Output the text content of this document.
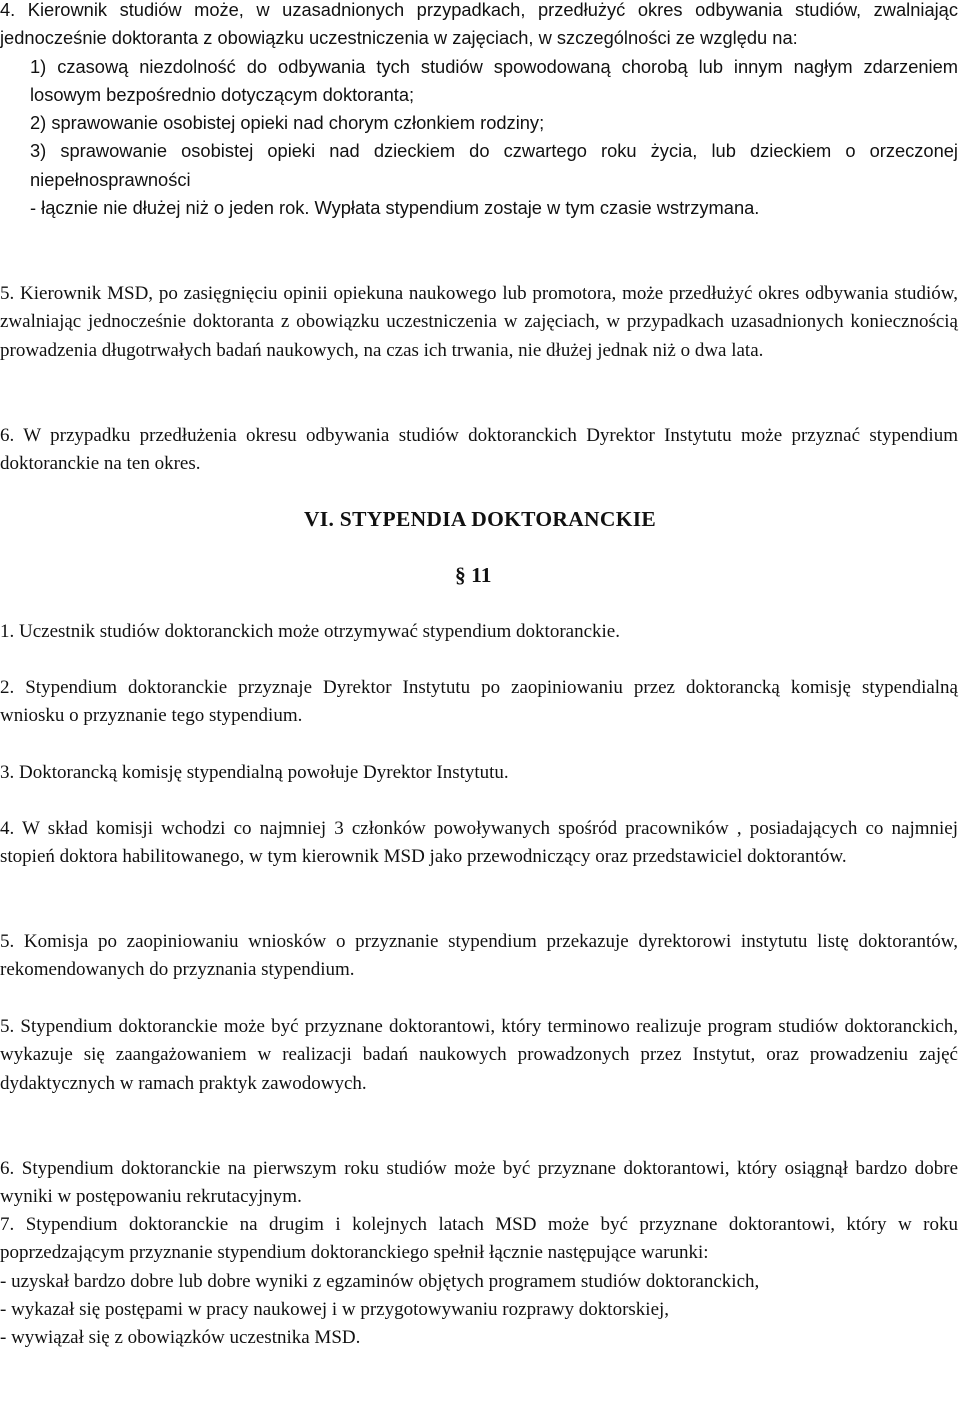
4. Kierownik studiów może, w uzasadnionych przypadkach, przedłużyć okres odbywania studiów, zwalniając jednocześnie doktoranta z obowiązku uczestniczenia w zajęciach, w szczególności ze względu na:

1) czasową niezdolność do odbywania tych studiów spowodowaną chorobą lub innym nagłym zdarzeniem losowym bezpośrednio dotyczącym doktoranta;

2) sprawowanie osobistej opieki nad chorym członkiem rodziny;

3) sprawowanie osobistej opieki nad dzieckiem do czwartego roku życia, lub dzieckiem o orzeczonej niepełnosprawności

- łącznie nie dłużej niż o jeden rok. Wypłata stypendium zostaje w tym czasie wstrzymana.

5. Kierownik MSD, po zasięgnięciu opinii opiekuna naukowego lub promotora, może przedłużyć okres odbywania studiów, zwalniając jednocześnie doktoranta z obowiązku uczestniczenia w zajęciach, w przypadkach uzasadnionych koniecznością prowadzenia długotrwałych badań naukowych, na czas ich trwania, nie dłużej jednak niż o dwa lata.

6. W przypadku przedłużenia okresu odbywania studiów doktoranckich Dyrektor Instytutu może przyznać stypendium doktoranckie na ten okres.

VI. STYPENDIA DOKTORANCKIE
§ 11

1. Uczestnik studiów doktoranckich może otrzymywać stypendium doktoranckie.

2. Stypendium doktoranckie przyznaje Dyrektor Instytutu po zaopiniowaniu przez doktorancką komisję stypendialną wniosku o przyznanie tego stypendium.

3. Doktorancką komisję stypendialną powołuje Dyrektor Instytutu.

4. W skład komisji wchodzi co najmniej 3 członków powoływanych spośród pracowników , posiadających co najmniej stopień doktora habilitowanego, w tym kierownik MSD jako przewodniczący oraz przedstawiciel doktorantów.

5. Komisja po zaopiniowaniu wniosków o przyznanie stypendium przekazuje dyrektorowi instytutu listę doktorantów, rekomendowanych do przyznania stypendium.

5. Stypendium doktoranckie może być przyznane doktorantowi, który terminowo realizuje program studiów doktoranckich, wykazuje się zaangażowaniem w realizacji badań naukowych prowadzonych przez Instytut, oraz prowadzeniu zajęć dydaktycznych w ramach praktyk zawodowych.

6. Stypendium doktoranckie na pierwszym roku studiów może być przyznane doktorantowi, który osiągnął bardzo dobre wyniki w postępowaniu rekrutacyjnym.

7. Stypendium doktoranckie na drugim i kolejnych latach MSD może być przyznane doktorantowi, który w roku poprzedzającym przyznanie stypendium doktoranckiego spełnił łącznie następujące warunki:

- uzyskał bardzo dobre lub dobre wyniki z egzaminów objętych programem studiów doktoranckich,

- wykazał się postępami w pracy naukowej i w przygotowywaniu rozprawy doktorskiej,

- wywiązał się z obowiązków uczestnika MSD.
